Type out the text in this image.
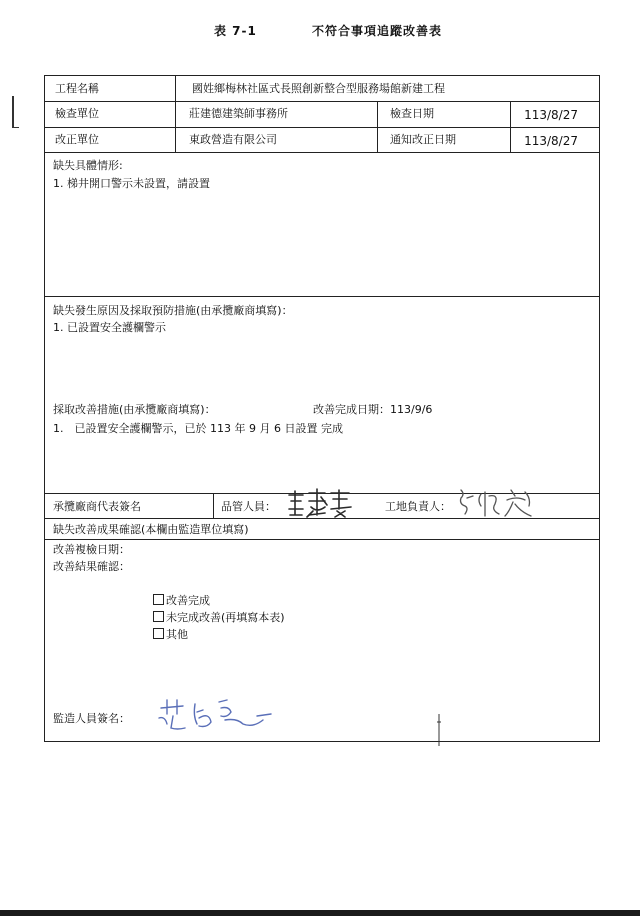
表 7-1	不符合事項追蹤改善表
工程名稱	國姓鄉梅林社區式長照創新整合型服務場館新建工程
檢查單位	莊建德建築師事務所	檢查日期	113/8/27
改正單位	東政營造有限公司	通知改正日期	113/8/27
缺失具體情形:
1. 梯井開口警示未設置，請設置
缺失發生原因及採取預防措施(由承攬廠商填寫)：
1. 已設置安全護欄警示
採取改善措施(由承攬廠商填寫)：	改善完成日期：113/9/6
1.　已設置安全護欄警示，已於 113 年 9 月 6 日設置 完成
承攬廠商代表簽名	品管人員：	工地負責人：
缺失改善成果確認(本欄由監造單位填寫)
改善複檢日期：
改善結果確認：
改善完成
未完成改善(再填寫本表)
其他
監造人員簽名：
